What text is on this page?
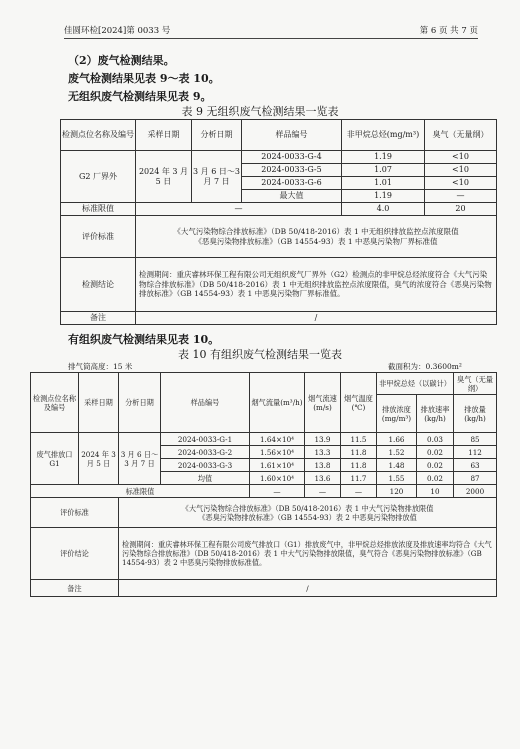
佳圆环检[2024]第 0033 号	第 6 页 共 7 页
（2）废气检测结果。
废气检测结果见表 9～表 10。
无组织废气检测结果见表 9。
表 9 无组织废气检测结果一览表
检测点位名称及编号	采样日期	分析日期	样品编号	非甲烷总烃(mg/m³)	臭气（无量纲）
G2 厂界外	2024 年 3 月 5 日	3 月 6 日～3 月 7 日	2024-0033-G-4	1.19	<10
			2024-0033-G-5	1.07	<10
			2024-0033-G-6	1.01	<10
			最大值	1.19	—
标准限值	—			4.0	20
评价标准	《大气污染物综合排放标准》（DB 50/418-2016）表 1 中无组织排放监控点浓度限值
《恶臭污染物排放标准》（GB 14554-93）表 1 中恶臭污染物厂界标准值				

检测结论	检测期间：重庆睿林环保工程有限公司无组织废气厂界外（G2）检测点的非甲烷总烃浓度符合《大气污染物综合排放标准》（DB 50/418-2016）表 1 中无组织排放监控点浓度限值，臭气的浓度符合《恶臭污染物排放标准》（GB 14554-93）表 1 中恶臭污染物厂界标准值。				
备注	/				
有组织废气检测结果见表 10。
表 10 有组织废气检测结果一览表
排气筒高度：15 米	截面积为：0.3600m²
检测点位名称及编号	采样日期	分析日期	样品编号	烟气流量(m³/h)	烟气流速(m/s)	烟气温度(℃)	非甲烷总烃（以碳计）		臭气（无量纲）
							排放浓度(mg/m³)	排放速率(kg/h)	排放量(kg/h)
废气排放口 G1	2024 年 3 月 5 日	3 月 6 日～3 月 7 日	2024-0033-G-1	1.64×10⁴	13.9	11.5	1.66	0.03	85
			2024-0033-G-2	1.56×10⁴	13.3	11.8	1.52	0.02	112
			2024-0033-G-3	1.61×10⁴	13.8	11.8	1.48	0.02	63
			均值	1.60×10⁴	13.6	11.7	1.55	0.02	87
标准限值				—	—	—	120	10	2000
评价标准		《大气污染物综合排放标准》（DB 50/418-2016）表 1 中大气污染物排放限值
《恶臭污染物排放标准》（GB 14554-93）表 2 中恶臭污染物排放值							

评价结论		检测期间：重庆睿林环保工程有限公司废气排放口（G1）排放废气中，非甲烷总烃排放浓度及排放速率均符合《大气污染物综合排放标准》（DB 50/418-2016）表 1 中大气污染物排放限值，臭气符合《恶臭污染物排放标准》（GB 14554-93）表 2 中恶臭污染物排放标准值。							
备注		/							
